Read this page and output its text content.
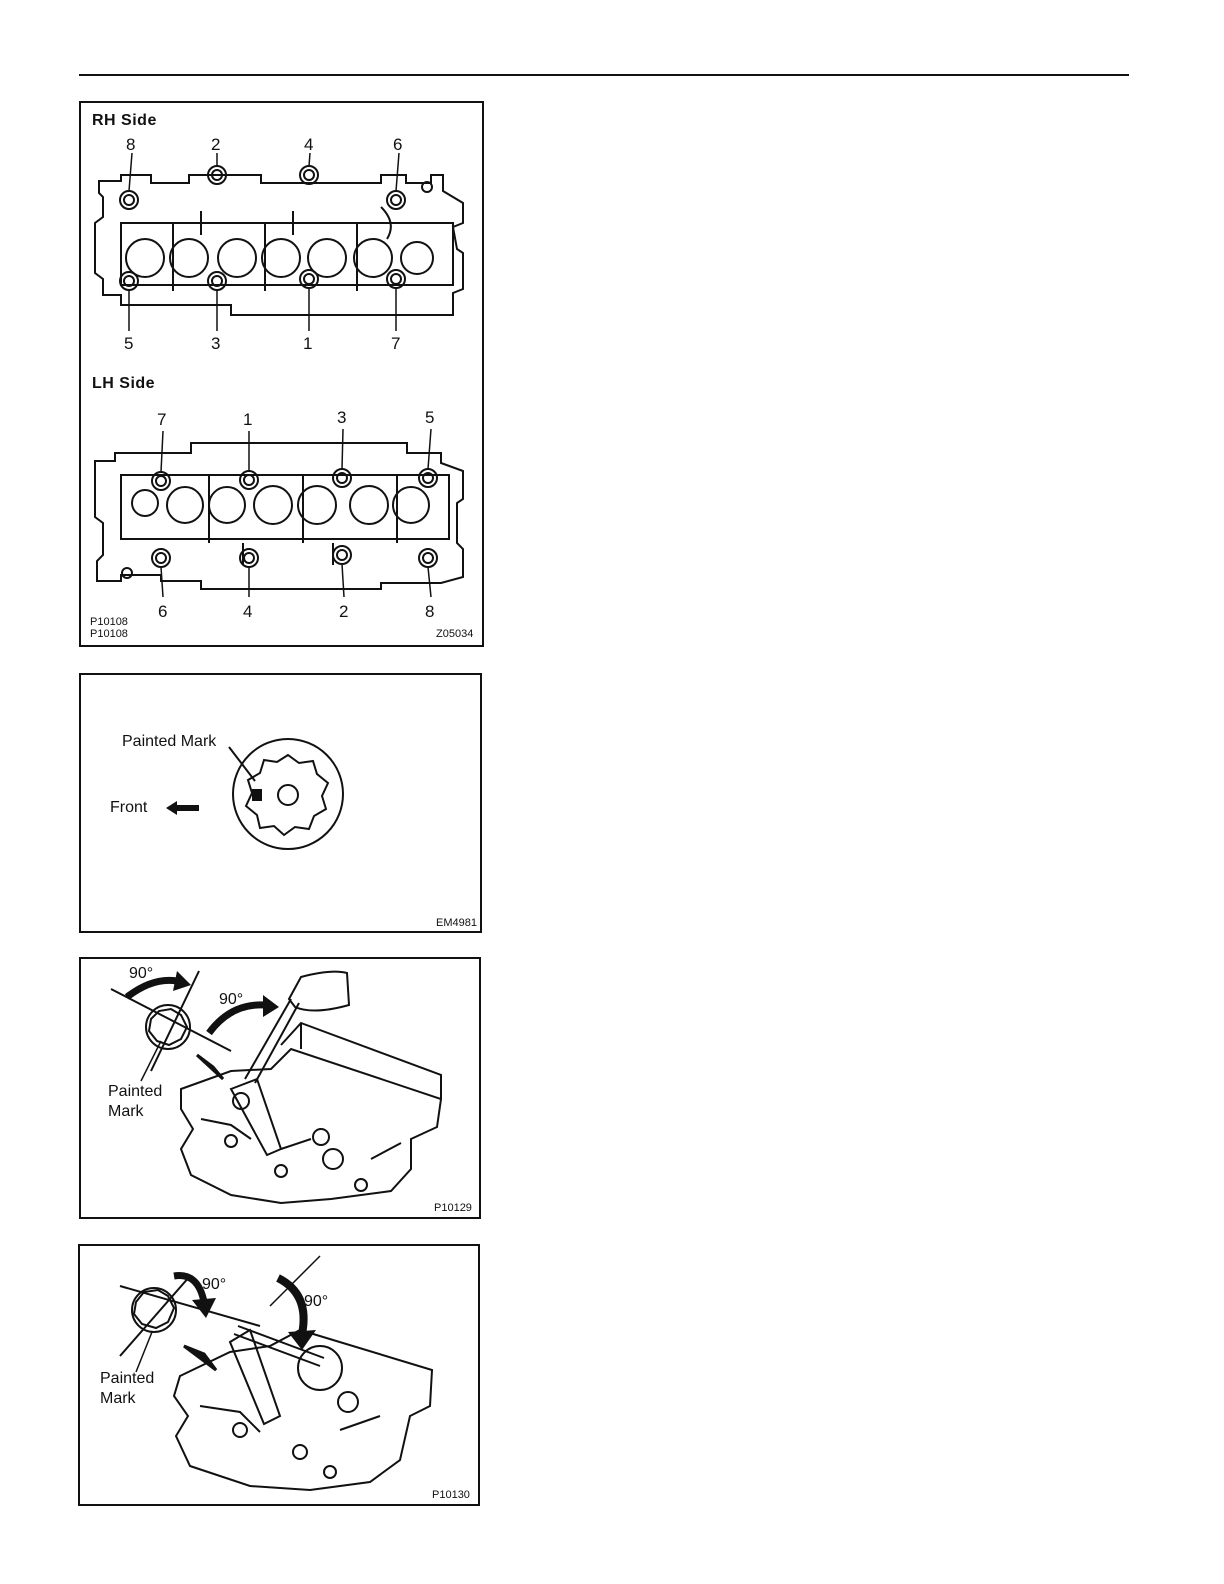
RH Side
8	2	4	6
5	3	1	7
LH Side
7	1	3	5
6	4	2	8
P10108
P10108	Z05034
Painted Mark
Front
EM4981
90°
90°
Painted
Mark
P10129
90°
90°
Painted
Mark
P10130
